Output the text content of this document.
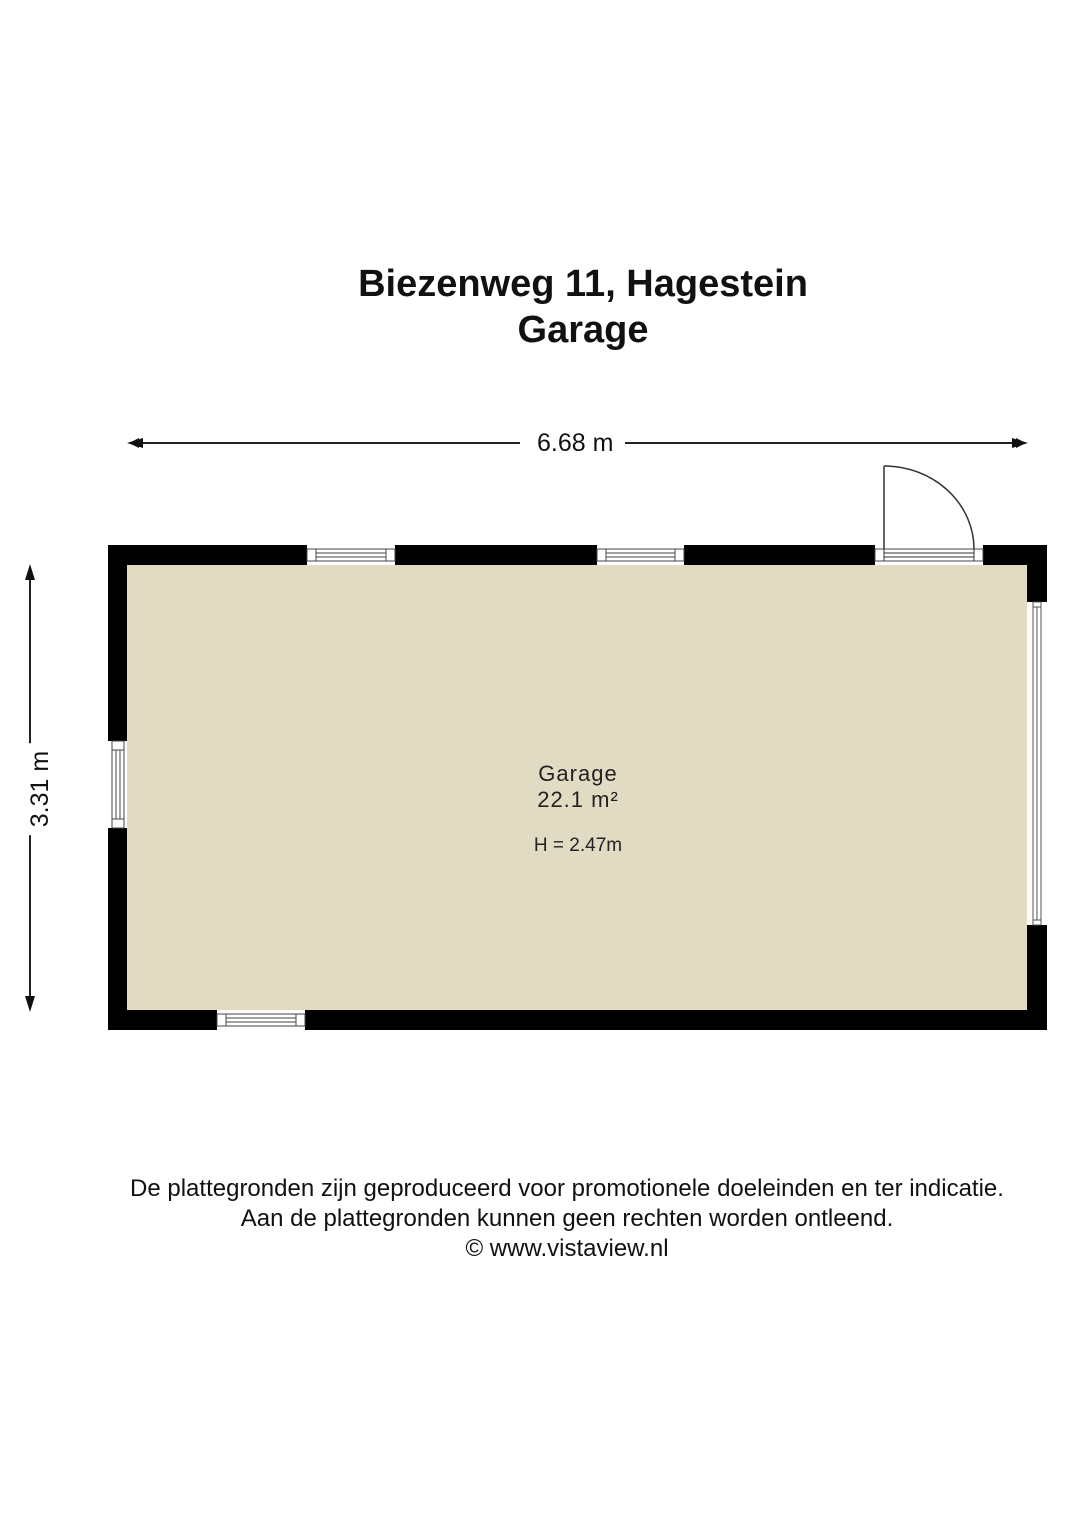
Biezenweg 11, Hagestein
Garage
6.68 m
3.31 m	Garage
22.1 m²
H = 2.47m
De plattegronden zijn geproduceerd voor promotionele doeleinden en ter indicatie.
Aan de plattegronden kunnen geen rechten worden ontleend.
© www.vistaview.nl
